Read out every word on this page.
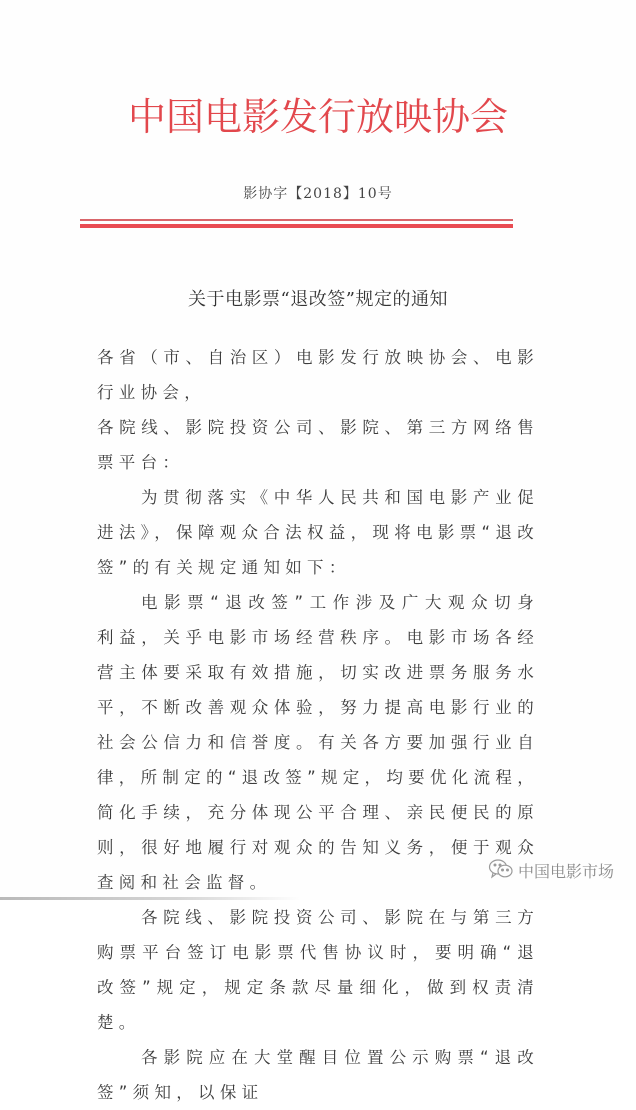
中国电影发行放映协会
影协字【2018】10号
关于电影票“退改签”规定的通知

各省（市、自治区）电影发行放映协会、电影行业协会，

各院线、影院投资公司、影院、第三方网络售票平台：

为贯彻落实《中华人民共和国电影产业促进法》，保障观众合法权益，现将电影票“退改签”的有关规定通知如下：

电影票“退改签”工作涉及广大观众切身利益，关乎电影市场经营秩序。电影市场各经营主体要采取有效措施，切实改进票务服务水平，不断改善观众体验，努力提高电影行业的社会公信力和信誉度。有关各方要加强行业自律，所制定的“退改签”规定，均要优化流程，简化手续，充分体现公平合理、亲民便民的原则，很好地履行对观众的告知义务，便于观众查阅和社会监督。

各院线、影院投资公司、影院在与第三方购票平台签订电影票代售协议时，要明确“退改签”规定，规定条款尽量细化，做到权责清楚。

各影院应在大堂醒目位置公示购票“退改签”须知，以保证

中国电影市场
